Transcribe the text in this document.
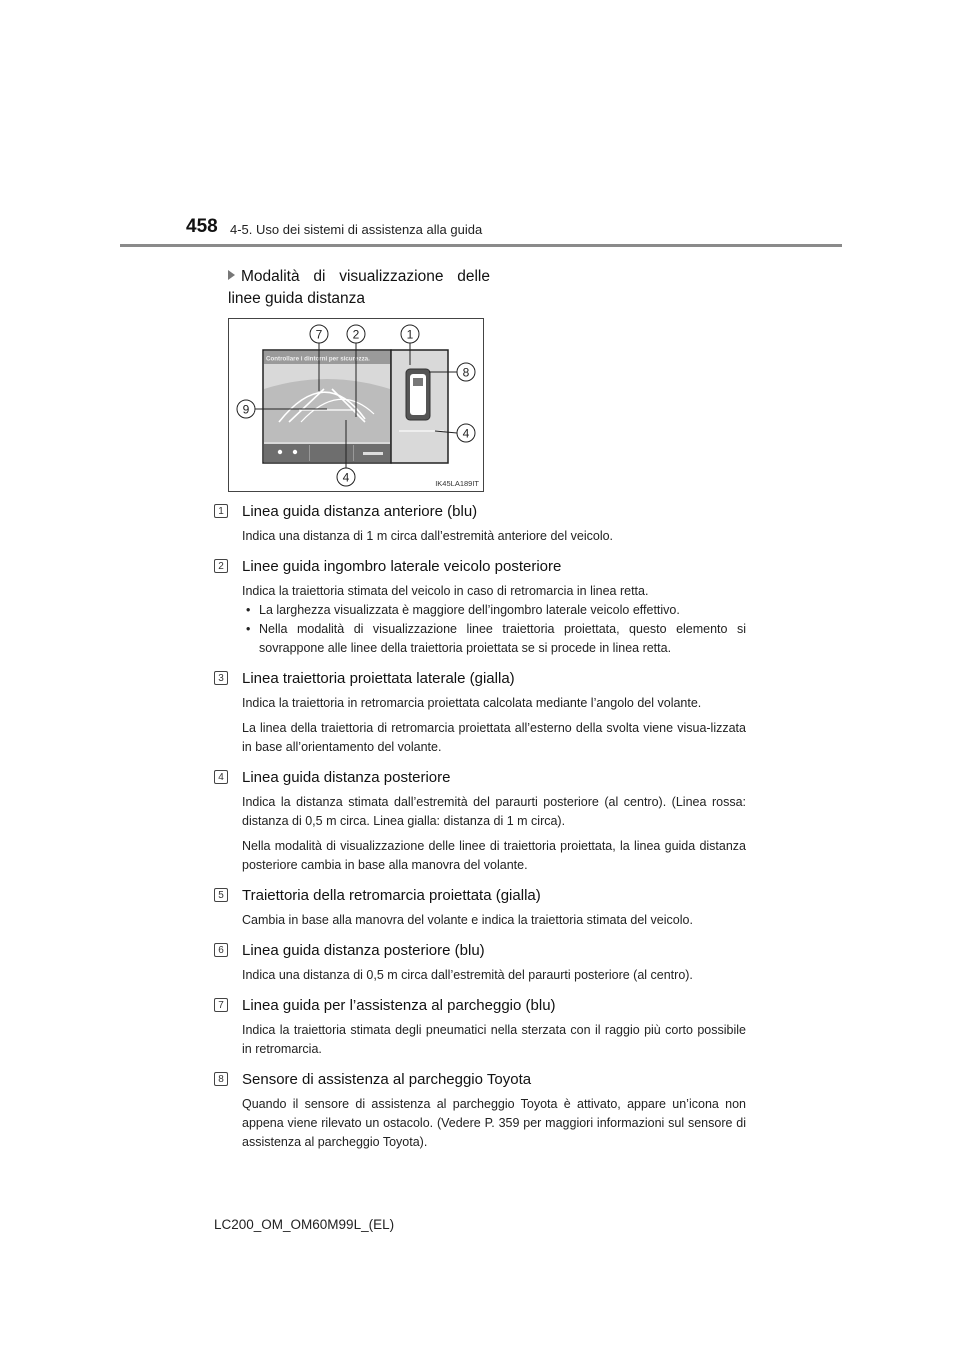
458 4-5. Uso dei sistemi di assistenza alla guida
Modalità di visualizzazione delle linee guida distanza
Controllare i dintorni per sicurezza.
7	2	1
8
9
4
4	IK45LA189IT
1 Linea guida distanza anteriore (blu)

Indica una distanza di 1 m circa dall’estremità anteriore del veicolo.

2 Linee guida ingombro laterale veicolo posteriore

Indica la traiettoria stimata del veicolo in caso di retromarcia in linea retta.

• La larghezza visualizzata è maggiore dell’ingombro laterale veicolo effettivo.
• Nella modalità di visualizzazione linee traiettoria proiettata, questo elemento si sovrappone alle linee della traiettoria proiettata se si procede in linea retta.
3 Linea traiettoria proiettata laterale (gialla)

Indica la traiettoria in retromarcia proiettata calcolata mediante l’angolo del volante.

La linea della traiettoria di retromarcia proiettata all’esterno della svolta viene visua-lizzata in base all’orientamento del volante.

4 Linea guida distanza posteriore

Indica la distanza stimata dall’estremità del paraurti posteriore (al centro). (Linea rossa: distanza di 0,5 m circa. Linea gialla: distanza di 1 m circa).

Nella modalità di visualizzazione delle linee di traiettoria proiettata, la linea guida distanza posteriore cambia in base alla manovra del volante.

5 Traiettoria della retromarcia proiettata (gialla)

Cambia in base alla manovra del volante e indica la traiettoria stimata del veicolo.

6 Linea guida distanza posteriore (blu)

Indica una distanza di 0,5 m circa dall’estremità del paraurti posteriore (al centro).

7 Linea guida per l’assistenza al parcheggio (blu)

Indica la traiettoria stimata degli pneumatici nella sterzata con il raggio più corto possibile in retromarcia.

8 Sensore di assistenza al parcheggio Toyota

Quando il sensore di assistenza al parcheggio Toyota è attivato, appare un’icona non appena viene rilevato un ostacolo. (Vedere P. 359 per maggiori informazioni sul sensore di assistenza al parcheggio Toyota).

LC200_OM_OM60M99L_(EL)
